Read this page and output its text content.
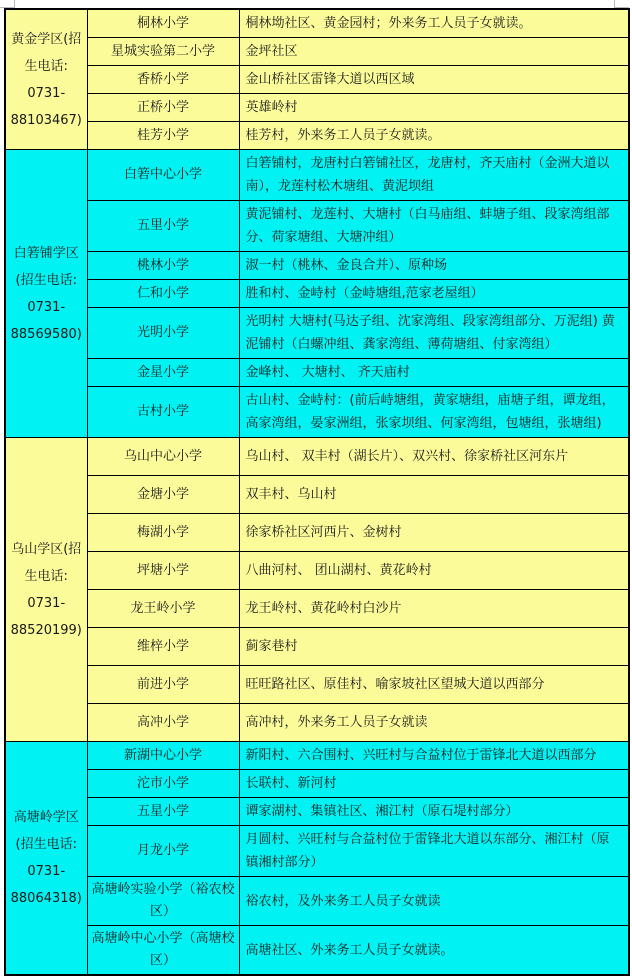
黄金学区(招
生电话:
0731-
88103467)	桐林小学	桐林坳社区、黄金园村；外来务工人员子女就读。
	星城实验第二小学	金坪社区
	香桥小学	金山桥社区雷锋大道以西区域
	正桥小学	英雄岭村
	桂芳小学	桂芳村，外来务工人员子女就读。

白箬铺学区
(招生电话:
0731-
88569580)	白箬中心小学	白箬铺村，龙唐村白箬铺社区，龙唐村，齐天庙村（金洲大道以南），龙莲村松木塘组、黄泥坝组
	五里小学	黄泥铺村、龙莲村、大塘村（白马庙组、蚌塘子组、段家湾组部分、荷家塘组、大塘冲组）
	桃林小学	淑一村（桃林、金良合并）、原种场
	仁和小学	胜和村、金峙村（金峙塘组,范家老屋组）
	光明小学	光明村 大塘村(马达子组、沈家湾组、段家湾组部分、万泥组) 黄泥铺村（白螺冲组、龚家湾组、薄荷塘组、付家湾组）
	金星小学	金峰村、 大塘村、 齐天庙村
	古村小学	古山村、金峙村：(前后峙塘组，黄家塘组，庙塘子组，谭龙组，高家湾组，晏家洲组，张家坝组、何家湾组，包塘组，张塘组)

乌山学区(招
生电话:
0731-
88520199)	乌山中心小学	乌山村、 双丰村（湖长片）、双兴村、徐家桥社区河东片
	金塘小学	双丰村、乌山村
	梅湖小学	徐家桥社区河西片、金树村
	坪塘小学	八曲河村、 团山湖村、黄花岭村
	龙王岭小学	龙王岭村、黄花岭村白沙片
	维梓小学	蓟家巷村
	前进小学	旺旺路社区、原佳村、喻家坡社区望城大道以西部分
	高冲小学	高冲村，外来务工人员子女就读

高塘岭学区
(招生电话:
0731-
88064318)	新湖中心小学	新阳村、六合围村、兴旺村与合益村位于雷锋北大道以西部分
	沱市小学	长联村、新河村
	五星小学	谭家湖村、集镇社区、湘江村（原石堤村部分）
	月龙小学	月圆村、兴旺村与合益村位于雷锋北大道以东部分、湘江村（原镇湘村部分）
	高塘岭实验小学（裕农校区）	裕农村，及外来务工人员子女就读
	高塘岭中心小学（高塘校区）	高塘社区、外来务工人员子女就读。
